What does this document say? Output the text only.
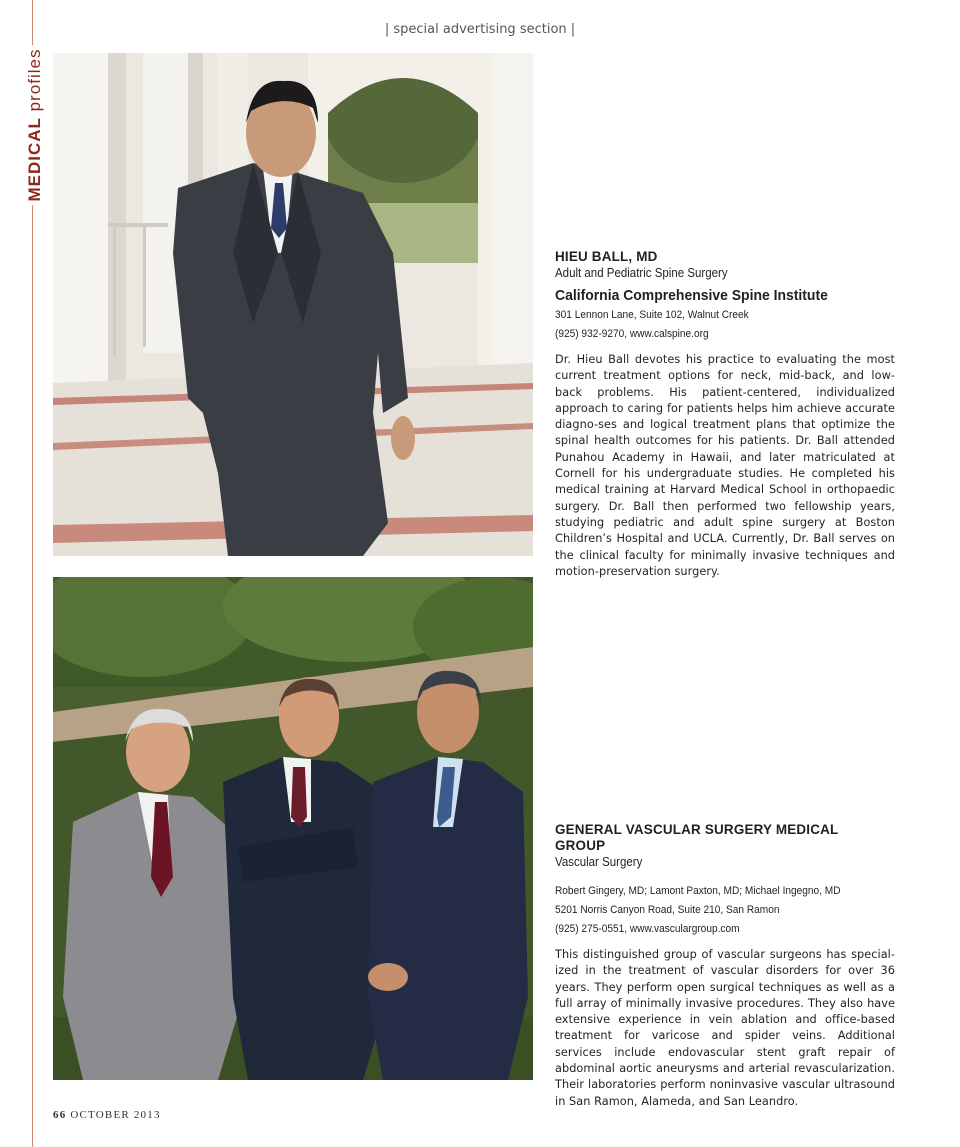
MEDICAL profiles
| special advertising section |
HIEU BALL, MD
Adult and Pediatric Spine Surgery
California Comprehensive Spine Institute
301 Lennon Lane, Suite 102, Walnut Creek
(925) 932-9270, www.calspine.org
Dr. Hieu Ball devotes his practice to evaluating the most current treatment options for neck, mid-back, and low-back problems. His patient-centered, individualized approach to caring for patients helps him achieve accurate diagno-ses and logical treatment plans that optimize the spinal health outcomes for his patients. Dr. Ball attended Punahou Academy in Hawaii, and later matriculated at Cornell for his undergraduate studies. He completed his medical training at Harvard Medical School in orthopaedic surgery. Dr. Ball then performed two fellowship years, studying pediatric and adult spine surgery at Boston Children’s Hospital and UCLA. Currently, Dr. Ball serves on the clinical faculty for minimally invasive techniques and motion-preservation surgery.
GENERAL VASCULAR SURGERY MEDICAL GROUP
Vascular Surgery
Robert Gingery, MD; Lamont Paxton, MD; Michael Ingegno, MD
5201 Norris Canyon Road, Suite 210, San Ramon
(925) 275-0551, www.vasculargroup.com
This distinguished group of vascular surgeons has special-ized in the treatment of vascular disorders for over 36 years. They perform open surgical techniques as well as a full array of minimally invasive procedures. They also have extensive experience in vein ablation and office-based treatment for varicose and spider veins. Additional services include endovascular stent graft repair of abdominal aortic aneurysms and arterial revascularization. Their laboratories perform noninvasive vascular ultrasound in San Ramon, Alameda, and San Leandro.
66 OCTOBER 2013
